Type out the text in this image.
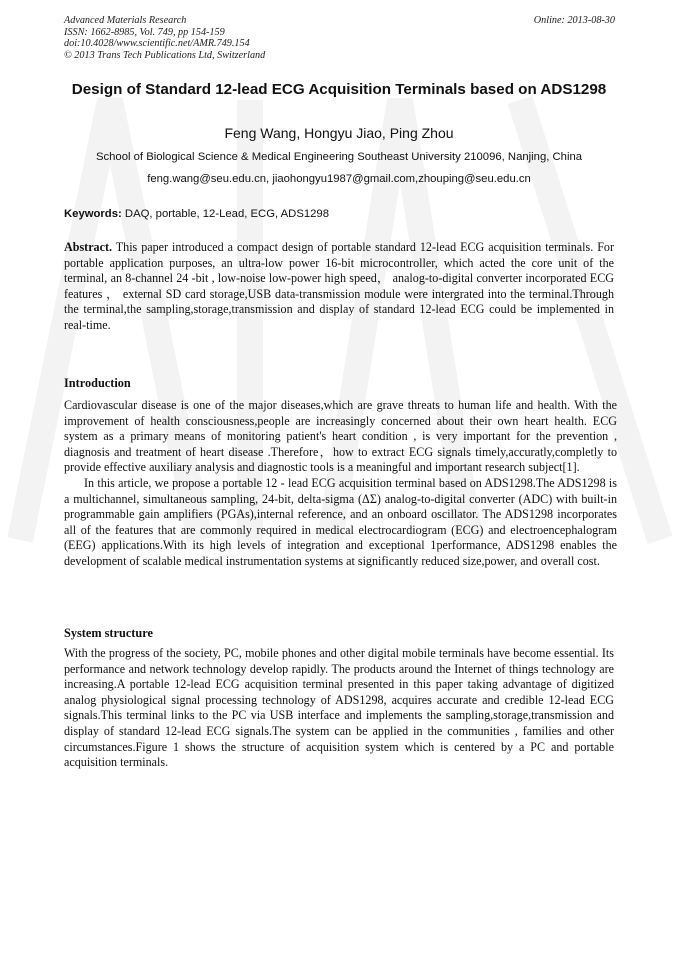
Advanced Materials Research
ISSN: 1662-8985, Vol. 749, pp 154-159
doi:10.4028/www.scientific.net/AMR.749.154
© 2013 Trans Tech Publications Ltd, Switzerland
Online: 2013-08-30
Design of Standard 12-lead ECG Acquisition Terminals based on ADS1298
Feng Wang, Hongyu Jiao, Ping Zhou
School of Biological Science & Medical Engineering Southeast University 210096, Nanjing, China
feng.wang@seu.edu.cn, jiaohongyu1987@gmail.com,zhouping@seu.edu.cn
Keywords: DAQ, portable, 12-Lead, ECG, ADS1298
Abstract. This paper introduced a compact design of portable standard 12-lead ECG acquisition terminals. For portable application purposes, an ultra-low power 16-bit microcontroller, which acted the core unit of the terminal, an 8-channel 24 -bit , low-noise low-power high speed， analog-to-digital converter incorporated ECG features ， external SD card storage,USB data-transmission module were intergrated into the terminal.Through the terminal,the sampling,storage,transmission and display of standard 12-lead ECG could be implemented in real-time.
Introduction

Cardiovascular disease is one of the major diseases,which are grave threats to human life and health. With the improvement of health consciousness,people are increasingly concerned about their own heart health. ECG system as a primary means of monitoring patient's heart condition , is very important for the prevention , diagnosis and treatment of heart disease .Therefore，how to extract ECG signals timely,accuratly,completly to provide effective auxiliary analysis and diagnostic tools is a meaningful and important research subject[1].

In this article, we propose a portable 12 - lead ECG acquisition terminal based on ADS1298.The ADS1298 is a multichannel, simultaneous sampling, 24-bit, delta-sigma (ΔΣ) analog-to-digital converter (ADC) with built-in programmable gain amplifiers (PGAs),internal reference, and an onboard oscillator. The ADS1298 incorporates all of the features that are commonly required in medical electrocardiogram (ECG) and electroencephalogram (EEG) applications.With its high levels of integration and exceptional 1performance, ADS1298 enables the development of scalable medical instrumentation systems at significantly reduced size,power, and overall cost.

System structure

With the progress of the society, PC, mobile phones and other digital mobile terminals have become essential. Its performance and network technology develop rapidly. The products around the Internet of things technology are increasing.A portable 12-lead ECG acquisition terminal presented in this paper taking advantage of digitized analog physiological signal processing technology of ADS1298, acquires accurate and credible 12-lead ECG signals.This terminal links to the PC via USB interface and implements the sampling,storage,transmission and display of standard 12-lead ECG signals.The system can be applied in the communities , families and other circumstances.Figure 1 shows the structure of acquisition system which is centered by a PC and portable acquisition terminals.
